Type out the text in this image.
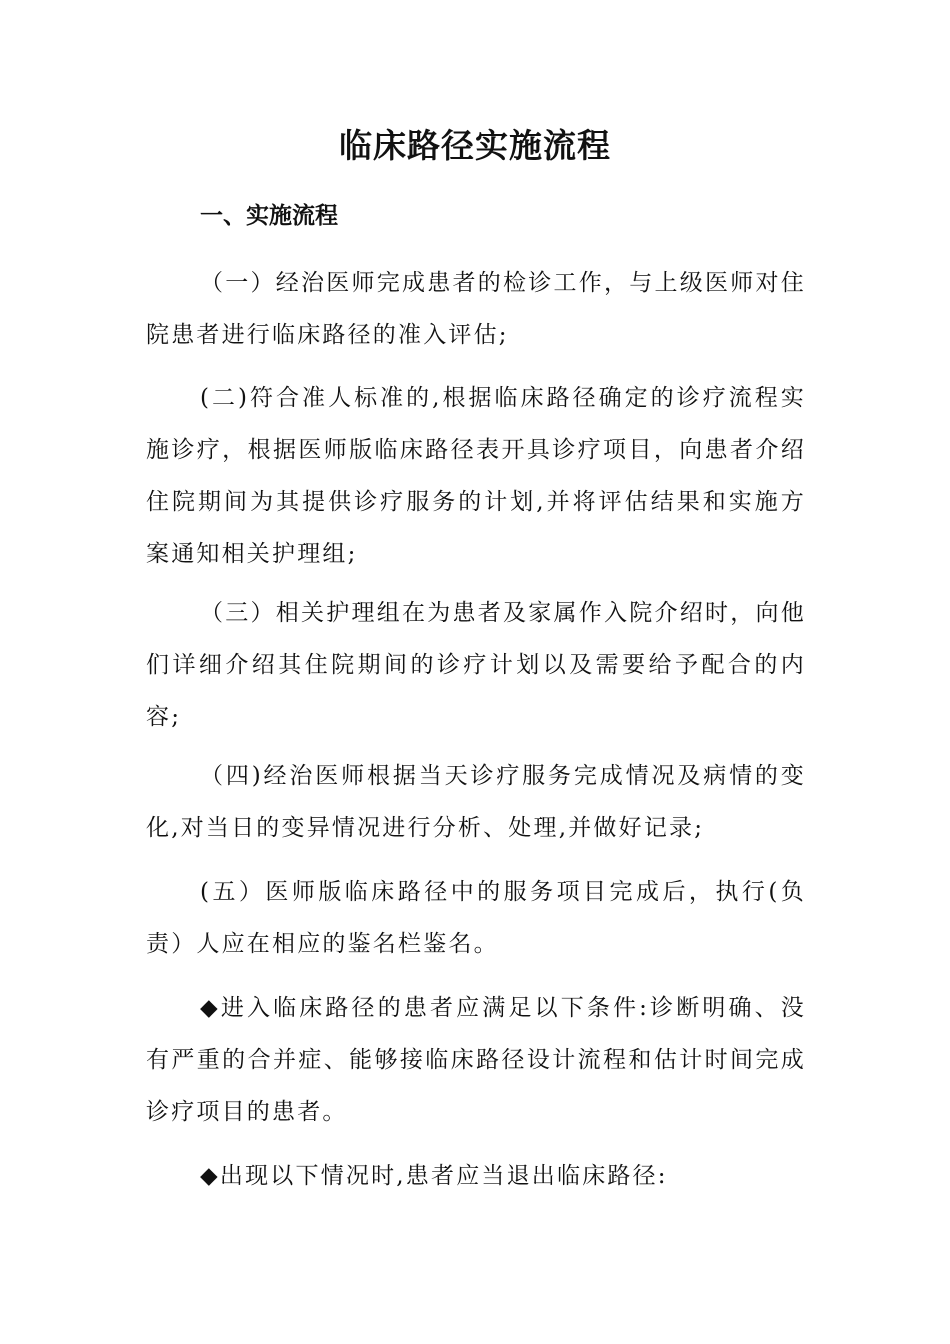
临床路径实施流程
一、实施流程

（一）经治医师完成患者的检诊工作，与上级医师对住院患者进行临床路径的准入评估;

(二)符合准人标准的,根据临床路径确定的诊疗流程实施诊疗，根据医师版临床路径表开具诊疗项目，向患者介绍住院期间为其提供诊疗服务的计划,并将评估结果和实施方案通知相关护理组;

（三）相关护理组在为患者及家属作入院介绍时，向他们详细介绍其住院期间的诊疗计划以及需要给予配合的内容;

（四)经治医师根据当天诊疗服务完成情况及病情的变化,对当日的变异情况进行分析、处理,并做好记录;

(五）医师版临床路径中的服务项目完成后，执行(负责）人应在相应的鉴名栏鉴名。

◆进入临床路径的患者应满足以下条件:诊断明确、没有严重的合并症、能够接临床路径设计流程和估计时间完成诊疗项目的患者。

◆出现以下情况时,患者应当退出临床路径:
